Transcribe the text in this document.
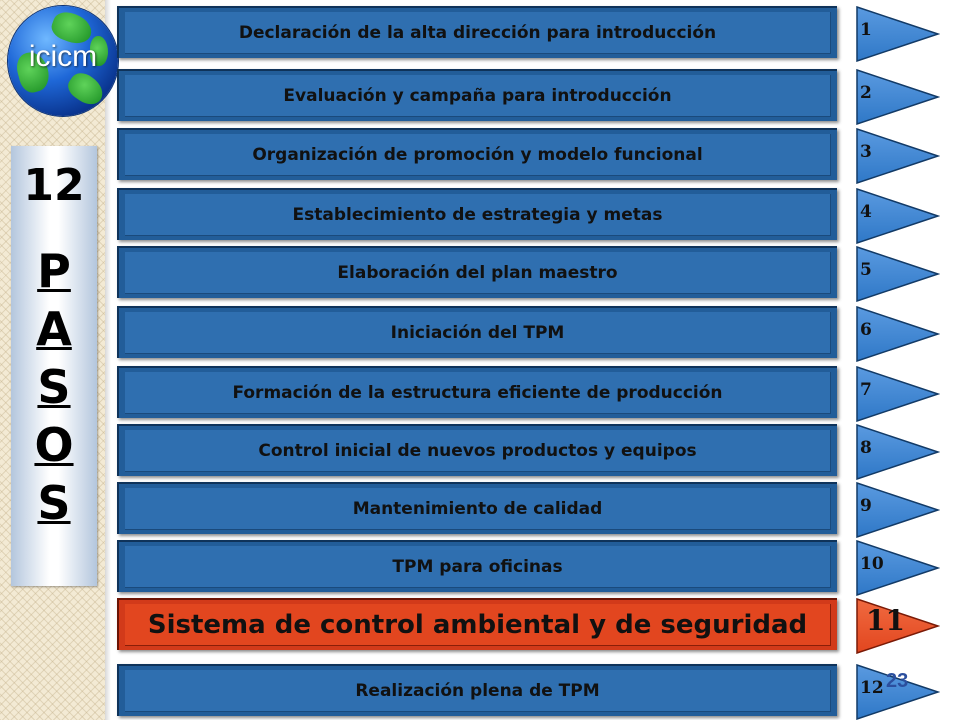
icicm
12
P
A
S
O
S
Declaración de la alta dirección para introducción	1
Evaluación y campaña para introducción	2
Organización de promoción y modelo funcional	3
Establecimiento de estrategia y metas	4
Elaboración del plan maestro	5
Iniciación del TPM	6
Formación de la estructura eficiente de producción	7
Control inicial de nuevos productos y equipos	8
Mantenimiento de calidad	9
TPM para oficinas	10
Sistema de control ambiental y de seguridad	11
Realización plena de TPM	12 23
